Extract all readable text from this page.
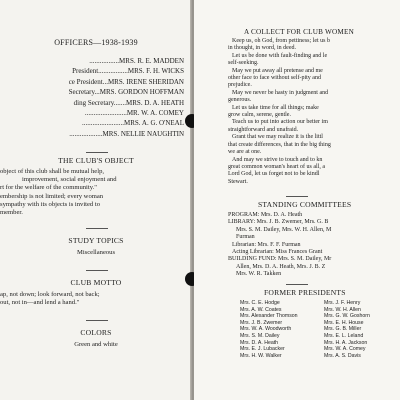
OFFICERS—1938-1939
.................MRS. R. E. MADDEN
President.................MRS. F. H. WICKS
ce President...MRS. IRENE SHERIDAN
Secretary...MRS. GORDON HOFFMAN
ding Secretary.......MRS. D. A. HEATH
........................MR. W. A. COMEY
........................MRS. A. G. O'NEAL
...................MRS. NELLIE NAUGHTIN
THE CLUB'S OBJECT
object of this club shall be mutual help,
improvement, social enjoyment and
rt for the welfare of the community."
embership is not limited; every woman
sympathy with its objects is invited to
member.
STUDY TOPICS
Miscellaneous
CLUB MOTTO
ap, not down; look forward, not back;
out, not in—and lend a hand."
COLORS
Green and white
A COLLECT FOR CLUB WOMEN
Keep us, oh God, from pettiness; let us b
in thought, in word, in deed.
Let us be done with fault-finding and le
self-seeking.
May we put away all pretense and me
other face to face without self-pity and
prejudice.
May we never be hasty in judgment and
generous.
Let us take time for all things; make
grow calm, serene, gentle.
Teach us to put into action our better im
straightforward and unafraid.
Grant that we may realize it is the littl
that create differences, that in the big thing
we are at one.
And may we strive to touch and to kn
great common woman's heart of us all, a
Lord God, let us forget not to be kindl
Stewart.
STANDING COMMITTEES
PROGRAM: Mrs. D. A. Heath
LIBRARY: Mrs. J. B. Zwemer, Mrs. G. B
Mrs. S. M. Dailey, Mrs. W. H. Allen, M
Furman
Librarian: Mrs. F. F. Furman
Acting Librarian: Miss Frances Grant
BUILDING FUND: Mrs. S. M. Dailey, Mr
Allen, Mrs. D. A. Heath, Mrs. J. B. Z
Mrs. W. R. Takken
FORMER PRESIDENTS
Mrs. C. E. Hodge
Mrs. A. W. Coates
Mrs. Alexander Thomson
Mrs. J. B. Zwemer
Mrs. W. A. Woodworth
Mrs. S. M. Dailey
Mrs. D. A. Heath
Mrs. E. J. Lubacker
Mrs. H. W. Walker
Mrs. J. F. Henry
Mrs. W. H. Allen
Mrs. G. W. Goshorn
Mrs. E. H. House
Mrs. G. B. Miller
Mrs. E. L. Leland
Mrs. H. A. Jackson
Mrs. W. A. Comey
Mrs. A. S. Davis
